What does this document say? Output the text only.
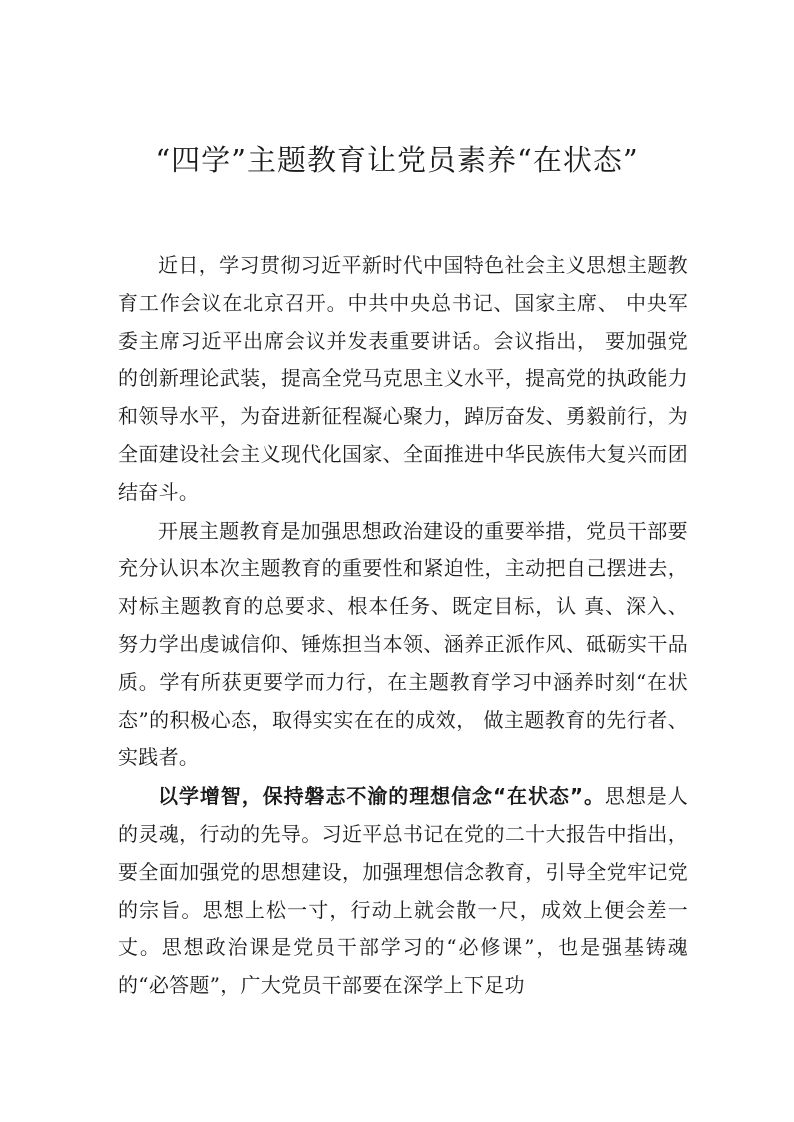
“四学”主题教育让党员素养“在状态”

近日，学习贯彻习近平新时代中国特色社会主义思想主题教育工作会议在北京召开。中共中央总书记、国家主席、 中央军委主席习近平出席会议并发表重要讲话。会议指出， 要加强党的创新理论武装，提高全党马克思主义水平，提高党的执政能力和领导水平，为奋进新征程凝心聚力，踔厉奋发、勇毅前行，为全面建设社会主义现代化国家、全面推进中华民族伟大复兴而团结奋斗。

开展主题教育是加强思想政治建设的重要举措，党员干部要充分认识本次主题教育的重要性和紧迫性，主动把自己摆进去，对标主题教育的总要求、根本任务、既定目标，认 真、深入、努力学出虔诚信仰、锤炼担当本领、涵养正派作风、砥砺实干品质。学有所获更要学而力行，在主题教育学习中涵养时刻“在状态”的积极心态，取得实实在在的成效， 做主题教育的先行者、实践者。

以学增智，保持磐志不渝的理想信念“在状态”。思想是人的灵魂，行动的先导。习近平总书记在党的二十大报告中指出，要全面加强党的思想建设，加强理想信念教育，引导全党牢记党的宗旨。思想上松一寸，行动上就会散一尺，成效上便会差一丈。思想政治课是党员干部学习的“必修课”，也是强基铸魂的“必答题”，广大党员干部要在深学上下足功
